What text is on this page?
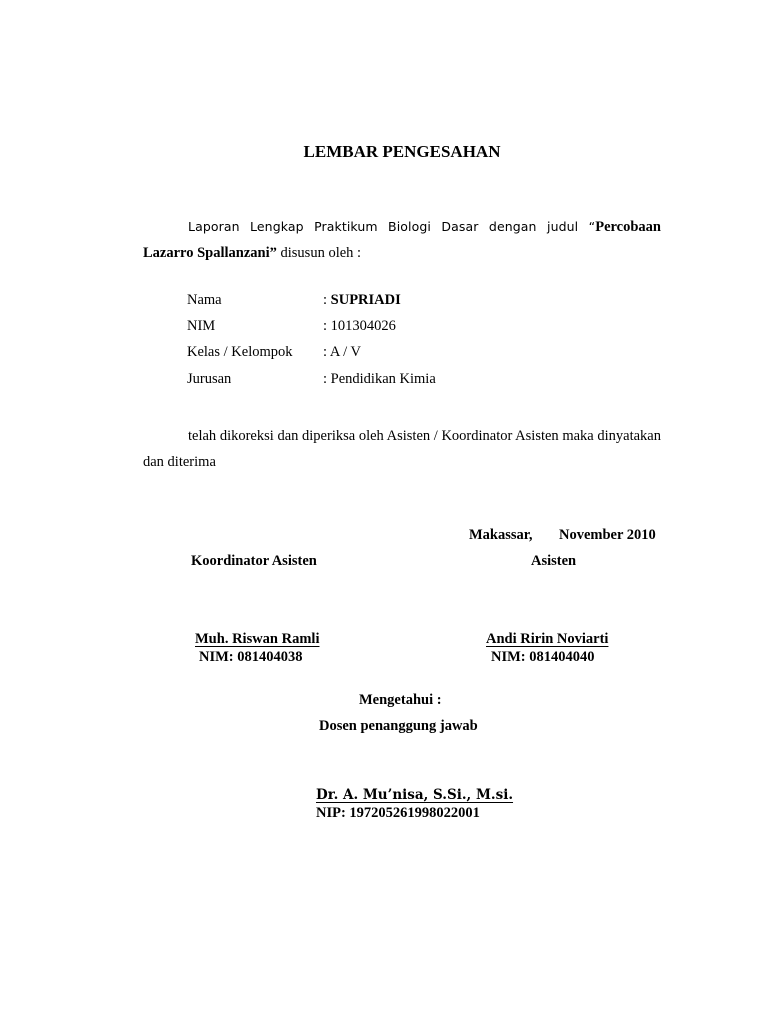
LEMBAR PENGESAHAN
Laporan Lengkap Praktikum Biologi Dasar dengan judul “Percobaan Lazarro Spallanzani” disusun oleh :
Nama	: SUPRIADI
NIM	: 101304026
Kelas / Kelompok : A / V
Jurusan	: Pendidikan Kimia
telah dikoreksi dan diperiksa oleh Asisten / Koordinator Asisten maka dinyatakan dan diterima
Makassar, November 2010
Koordinator Asisten	Asisten
Muh. Riswan Ramli
NIM: 081404038
Andi Ririn Noviarti
NIM: 081404040
Mengetahui :
Dosen penanggung jawab
Dr. A. Mu’nisa, S.Si., M.si.
NIP: 197205261998022001
